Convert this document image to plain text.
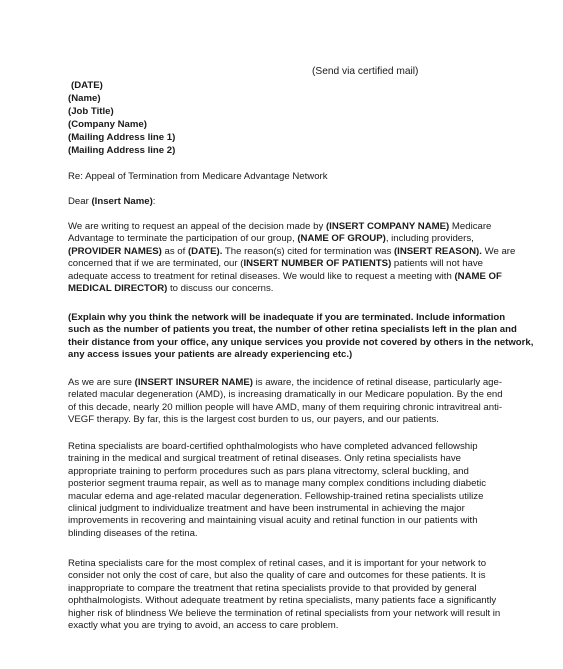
(Send via certified mail)
(DATE)
(Name)
(Job Title)
(Company Name)
(Mailing Address line 1)
(Mailing Address line 2)
Re: Appeal of Termination from Medicare Advantage Network
Dear (Insert Name):
We are writing to request an appeal of the decision made by (INSERT COMPANY NAME) Medicare
Advantage to terminate the participation of our group, (NAME OF GROUP), including providers,
(PROVIDER NAMES) as of (DATE). The reason(s) cited for termination was (INSERT REASON). We are
concerned that if we are terminated, our (INSERT NUMBER OF PATIENTS) patients will not have
adequate access to treatment for retinal diseases. We would like to request a meeting with (NAME OF
MEDICAL DIRECTOR) to discuss our concerns.
(Explain why you think the network will be inadequate if you are terminated. Include information
such as the number of patients you treat, the number of other retina specialists left in the plan and
their distance from your office, any unique services you provide not covered by others in the network,
any access issues your patients are already experiencing etc.)
As we are sure (INSERT INSURER NAME) is aware, the incidence of retinal disease, particularly age-
related macular degeneration (AMD), is increasing dramatically in our Medicare population. By the end
of this decade, nearly 20 million people will have AMD, many of them requiring chronic intravitreal anti-
VEGF therapy. By far, this is the largest cost burden to us, our payers, and our patients.
Retina specialists are board-certified ophthalmologists who have completed advanced fellowship
training in the medical and surgical treatment of retinal diseases. Only retina specialists have
appropriate training to perform procedures such as pars plana vitrectomy, scleral buckling, and
posterior segment trauma repair, as well as to manage many complex conditions including diabetic
macular edema and age-related macular degeneration. Fellowship-trained retina specialists utilize
clinical judgment to individualize treatment and have been instrumental in achieving the major
improvements in recovering and maintaining visual acuity and retinal function in our patients with
blinding diseases of the retina.
Retina specialists care for the most complex of retinal cases, and it is important for your network to
consider not only the cost of care, but also the quality of care and outcomes for these patients. It is
inappropriate to compare the treatment that retina specialists provide to that provided by general
ophthalmologists. Without adequate treatment by retina specialists, many patients face a significantly
higher risk of blindness We believe the termination of retinal specialists from your network will result in
exactly what you are trying to avoid, an access to care problem.
